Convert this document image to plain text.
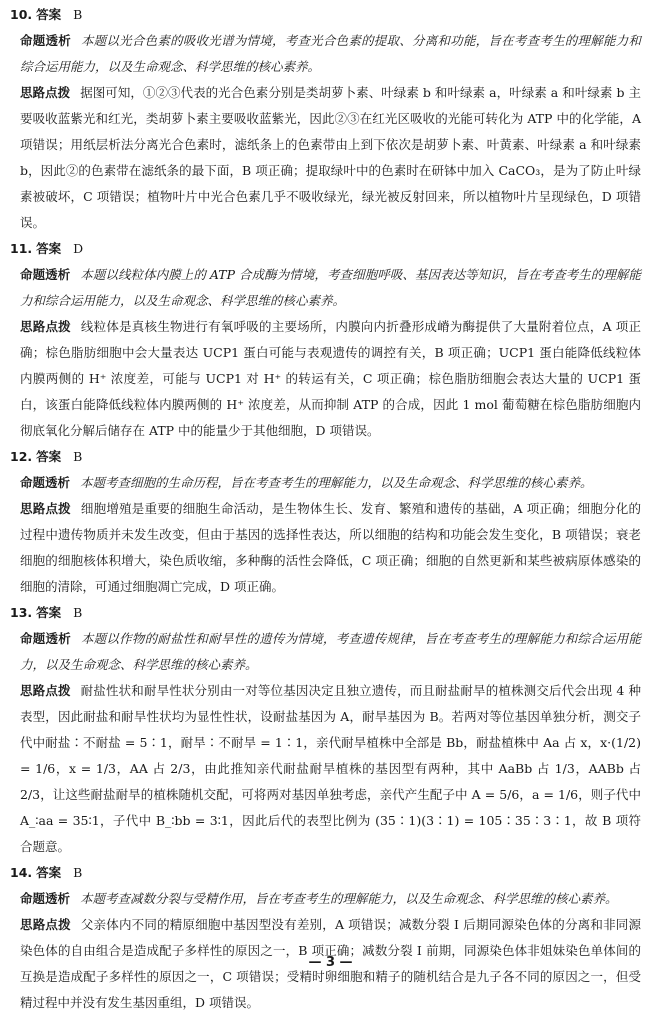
10. 答案 B

命题透析 本题以光合色素的吸收光谱为情境，考查光合色素的提取、分离和功能，旨在考查考生的理解能力和综合运用能力，以及生命观念、科学思维的核心素养。

思路点拨 据图可知，①②③代表的光合色素分别是类胡萝卜素、叶绿素 b 和叶绿素 a，叶绿素 a 和叶绿素 b 主要吸收蓝紫光和红光，类胡萝卜素主要吸收蓝紫光，因此②③在红光区吸收的光能可转化为 ATP 中的化学能，A 项错误；用纸层析法分离光合色素时，滤纸条上的色素带由上到下依次是胡萝卜素、叶黄素、叶绿素 a 和叶绿素 b，因此②的色素带在滤纸条的最下面，B 项正确；提取绿叶中的色素时在研钵中加入 CaCO₃，是为了防止叶绿素被破坏，C 项错误；植物叶片中光合色素几乎不吸收绿光，绿光被反射回来，所以植物叶片呈现绿色，D 项错误。

11. 答案 D

命题透析 本题以线粒体内膜上的 ATP 合成酶为情境，考查细胞呼吸、基因表达等知识，旨在考查考生的理解能力和综合运用能力，以及生命观念、科学思维的核心素养。

思路点拨 线粒体是真核生物进行有氧呼吸的主要场所，内膜向内折叠形成嵴为酶提供了大量附着位点，A 项正确；棕色脂肪细胞中会大量表达 UCP1 蛋白可能与表观遗传的调控有关，B 项正确；UCP1 蛋白能降低线粒体内膜两侧的 H⁺ 浓度差，可能与 UCP1 对 H⁺ 的转运有关，C 项正确；棕色脂肪细胞会表达大量的 UCP1 蛋白，该蛋白能降低线粒体内膜两侧的 H⁺ 浓度差，从而抑制 ATP 的合成，因此 1 mol 葡萄糖在棕色脂肪细胞内彻底氧化分解后储存在 ATP 中的能量少于其他细胞，D 项错误。

12. 答案 B

命题透析 本题考查细胞的生命历程，旨在考查考生的理解能力，以及生命观念、科学思维的核心素养。

思路点拨 细胞增殖是重要的细胞生命活动，是生物体生长、发育、繁殖和遗传的基础，A 项正确；细胞分化的过程中遗传物质并未发生改变，但由于基因的选择性表达，所以细胞的结构和功能会发生变化，B 项错误；衰老细胞的细胞核体积增大，染色质收缩，多种酶的活性会降低，C 项正确；细胞的自然更新和某些被病原体感染的细胞的清除，可通过细胞凋亡完成，D 项正确。

13. 答案 B

命题透析 本题以作物的耐盐性和耐旱性的遗传为情境，考查遗传规律，旨在考查考生的理解能力和综合运用能力，以及生命观念、科学思维的核心素养。

思路点拨 耐盐性状和耐旱性状分别由一对等位基因决定且独立遗传，而且耐盐耐旱的植株测交后代会出现 4 种表型，因此耐盐和耐旱性状均为显性性状，设耐盐基因为 A，耐旱基因为 B。若两对等位基因单独分析，测交子代中耐盐∶不耐盐 = 5∶1，耐旱∶不耐旱 = 1∶1，亲代耐旱植株中全部是 Bb，耐盐植株中 Aa 占 x，x·(1/2) = 1/6，x = 1/3，AA 占 2/3，由此推知亲代耐盐耐旱植株的基因型有两种，其中 AaBb 占 1/3，AABb 占 2/3，让这些耐盐耐旱的植株随机交配，可将两对基因单独考虑，亲代产生配子中 A = 5/6，a = 1/6，则子代中 A_∶aa = 35∶1，子代中 B_∶bb = 3∶1，因此后代的表型比例为 (35∶1)(3∶1) = 105∶35∶3∶1，故 B 项符合题意。

14. 答案 B

命题透析 本题考查减数分裂与受精作用，旨在考查考生的理解能力，以及生命观念、科学思维的核心素养。

思路点拨 父亲体内不同的精原细胞中基因型没有差别，A 项错误；减数分裂 Ⅰ 后期同源染色体的分离和非同源染色体的自由组合是造成配子多样性的原因之一，B 项正确；减数分裂 Ⅰ 前期，同源染色体非姐妹染色单体间的互换是造成配子多样性的原因之一，C 项错误；受精时卵细胞和精子的随机结合是九子各不同的原因之一，但受精过程中并没有发生基因重组，D 项错误。

— 3 —
